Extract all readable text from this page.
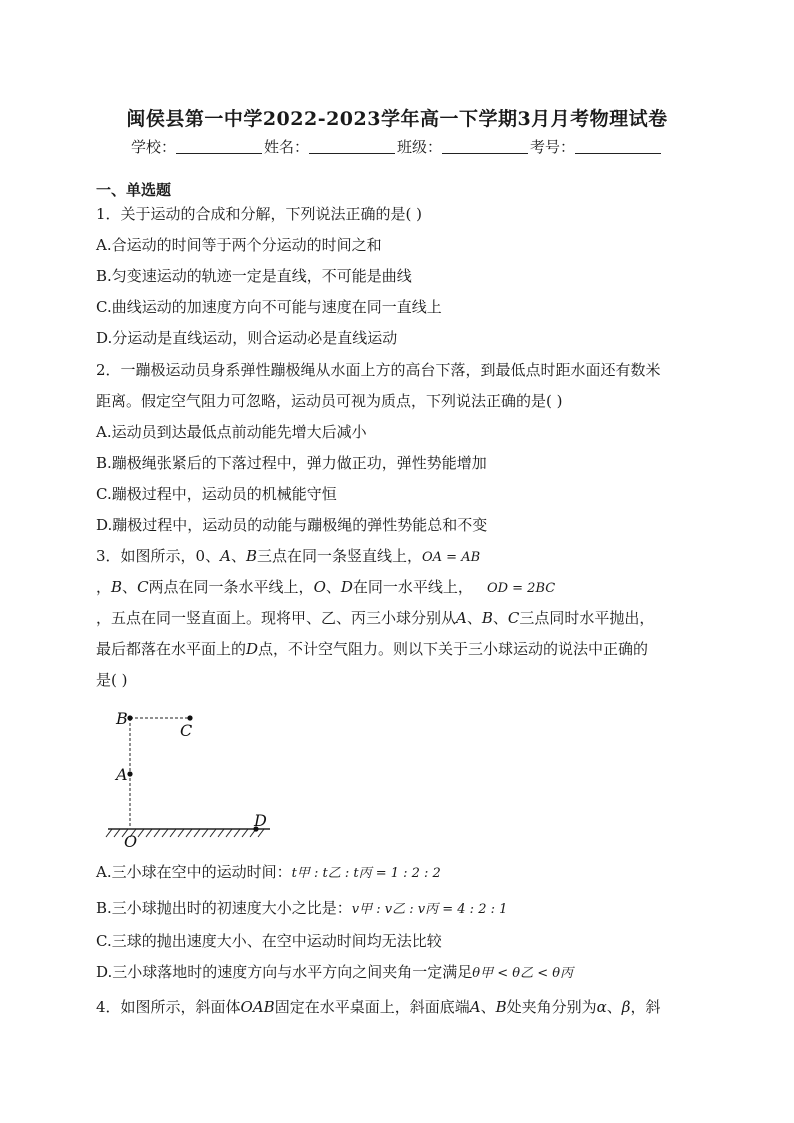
闽侯县第一中学2022-2023学年高一下学期3月月考物理试卷
学校：	姓名：	班级：	考号：
一、单选题
1．关于运动的合成和分解，下列说法正确的是( )
A.合运动的时间等于两个分运动的时间之和
B.匀变速运动的轨迹一定是直线，不可能是曲线
C.曲线运动的加速度方向不可能与速度在同一直线上
D.分运动是直线运动，则合运动必是直线运动
2．一蹦极运动员身系弹性蹦极绳从水面上方的高台下落，到最低点时距水面还有数米
距离。假定空气阻力可忽略，运动员可视为质点，下列说法正确的是( )
A.运动员到达最低点前动能先增大后减小
B.蹦极绳张紧后的下落过程中，弹力做正功，弹性势能增加
C.蹦极过程中，运动员的机械能守恒
D.蹦极过程中，运动员的动能与蹦极绳的弹性势能总和不变
3．如图所示，0、A、B三点在同一条竖直线上，OA = AB
，B、C两点在同一条水平线上，O、D在同一水平线上， OD = 2BC
，五点在同一竖直面上。现将甲、乙、丙三小球分别从A、B、C三点同时水平抛出，
最后都落在水平面上的D点，不计空气阻力。则以下关于三小球运动的说法中正确的
是( )
B
C
A
O
D
A.三小球在空中的运动时间：t甲 : t乙 : t丙 = 1 : 2 : 2
B.三小球抛出时的初速度大小之比是：v甲 : v乙 : v丙 = 4 : 2 : 1
C.三球的抛出速度大小、在空中运动时间均无法比较
D.三小球落地时的速度方向与水平方向之间夹角一定满足θ甲 < θ乙 < θ丙
4．如图所示，斜面体OAB固定在水平桌面上，斜面底端A、B处夹角分别为α、β，斜
